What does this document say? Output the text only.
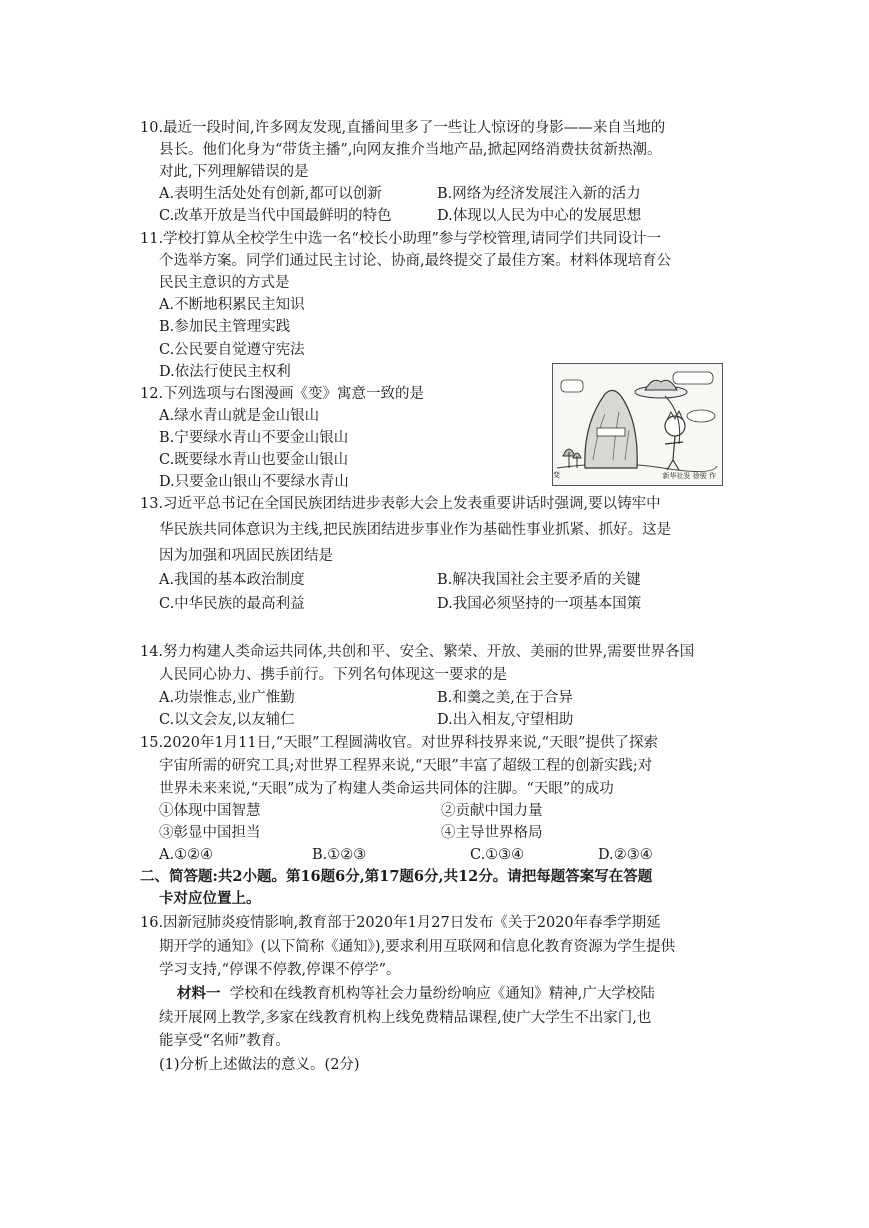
10.最近一段时间,许多网友发现,直播间里多了一些让人惊讶的身影——来自当地的
县长。他们化身为“带货主播”,向网友推介当地产品,掀起网络消费扶贫新热潮。
对此,下列理解错误的是
A.表明生活处处有创新,都可以创新	B.网络为经济发展注入新的活力
C.改革开放是当代中国最鲜明的特色	D.体现以人民为中心的发展思想
11.学校打算从全校学生中选一名“校长小助理”参与学校管理,请同学们共同设计一
个选举方案。同学们通过民主讨论、协商,最终提交了最佳方案。材料体现培育公
民民主意识的方式是
A.不断地积累民主知识
B.参加民主管理实践
C.公民要自觉遵守宪法
D.依法行使民主权利
12.下列选项与右图漫画《变》寓意一致的是
A.绿水青山就是金山银山
B.宁要绿水青山不要金山银山
C.既要绿水青山也要金山银山
D.只要金山银山不要绿水青山	变	新华社发 徐骏 作
13.习近平总书记在全国民族团结进步表彰大会上发表重要讲话时强调,要以铸牢中
华民族共同体意识为主线,把民族团结进步事业作为基础性事业抓紧、抓好。这是
因为加强和巩固民族团结是
A.我国的基本政治制度	B.解决我国社会主要矛盾的关键
C.中华民族的最高利益	D.我国必须坚持的一项基本国策
14.努力构建人类命运共同体,共创和平、安全、繁荣、开放、美丽的世界,需要世界各国
人民同心协力、携手前行。下列名句体现这一要求的是
A.功崇惟志,业广惟勤	B.和羹之美,在于合异
C.以文会友,以友辅仁	D.出入相友,守望相助
15.2020年1月11日,“天眼”工程圆满收官。对世界科技界来说,“天眼”提供了探索
宇宙所需的研究工具;对世界工程界来说,“天眼”丰富了超级工程的创新实践;对
世界未来来说,“天眼”成为了构建人类命运共同体的注脚。“天眼”的成功
①体现中国智慧	②贡献中国力量
③彰显中国担当	④主导世界格局
A.①②④	B.①②③	C.①③④	D.②③④
二、简答题:共2小题。第16题6分,第17题6分,共12分。请把每题答案写在答题
卡对应位置上。
16.因新冠肺炎疫情影响,教育部于2020年1月27日发布《关于2020年春季学期延
期开学的通知》(以下简称《通知》),要求利用互联网和信息化教育资源为学生提供
学习支持,“停课不停教,停课不停学”。
材料一 学校和在线教育机构等社会力量纷纷响应《通知》精神,广大学校陆
续开展网上教学,多家在线教育机构上线免费精品课程,使广大学生不出家门,也
能享受“名师”教育。
(1)分析上述做法的意义。(2分)
